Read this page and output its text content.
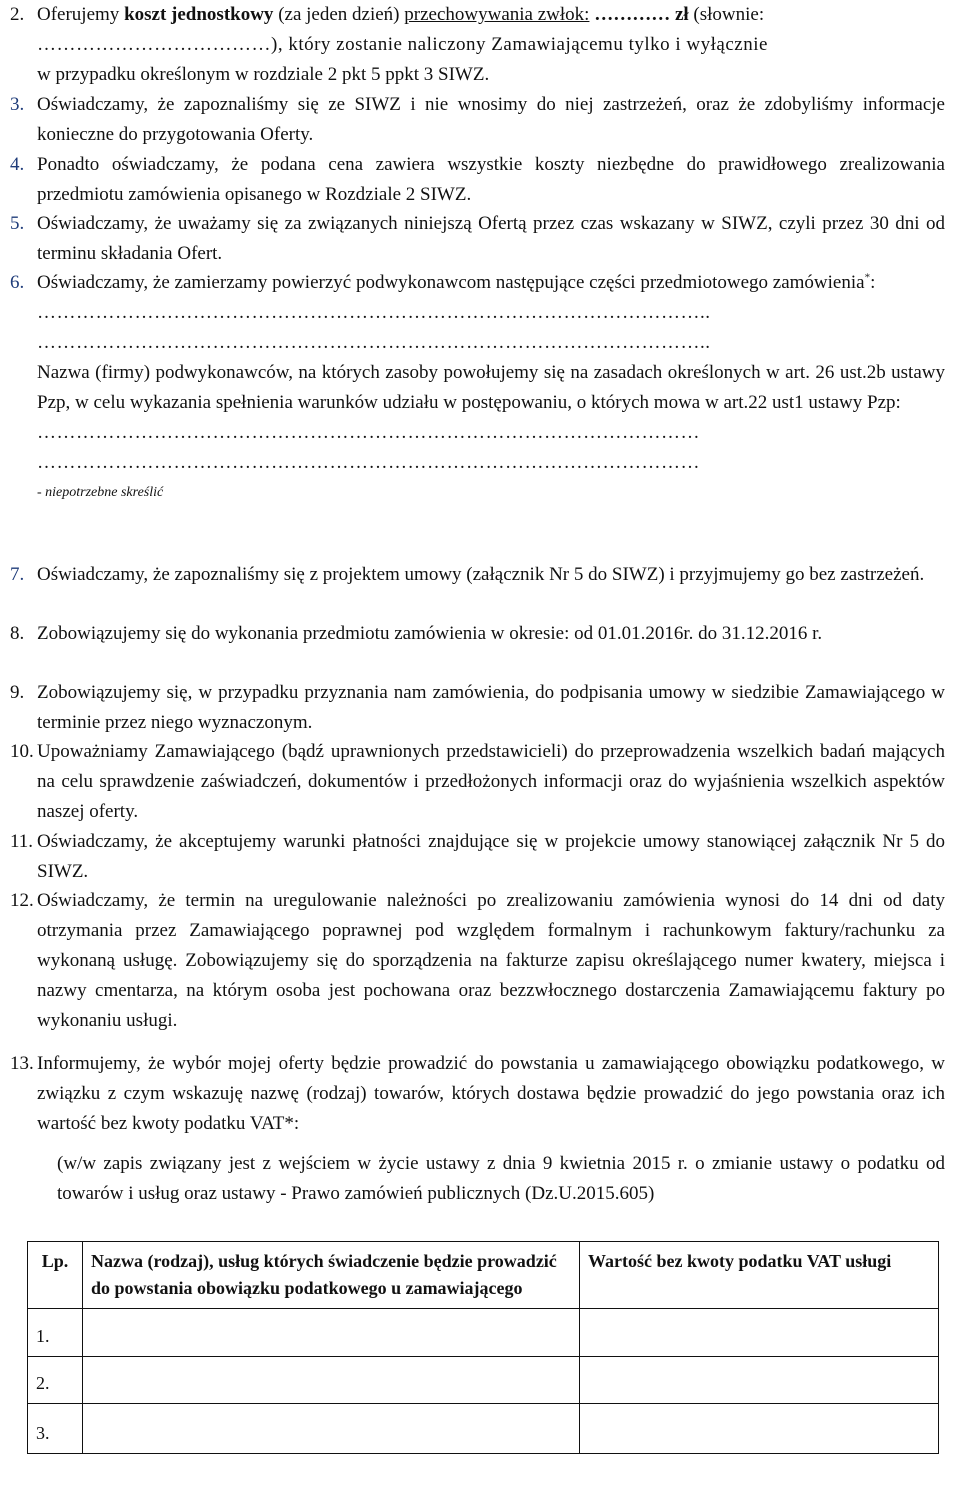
2. Oferujemy koszt jednostkowy (za jeden dzień) przechowywania zwłok: ………… zł (słownie:
………………………………), który zostanie naliczony Zamawiającemu tylko i wyłącznie
w przypadku określonym w rozdziale 2 pkt 5 ppkt 3 SIWZ.
3. Oświadczamy, że zapoznaliśmy się ze SIWZ i nie wnosimy do niej zastrzeżeń, oraz że zdobyliśmy informacje konieczne do przygotowania Oferty.
4. Ponadto oświadczamy, że podana cena zawiera wszystkie koszty niezbędne do prawidłowego zrealizowania przedmiotu zamówienia opisanego w Rozdziale 2 SIWZ.
5. Oświadczamy, że uważamy się za związanych niniejszą Ofertą przez czas wskazany w SIWZ, czyli przez 30 dni od terminu składania Ofert.
6. Oświadczamy, że zamierzamy powierzyć podwykonawcom następujące części przedmiotowego zamówienia*:

…………………………………………………………………………………………..
…………………………………………………………………………………………..
Nazwa (firmy) podwykonawców, na których zasoby powołujemy się na zasadach określonych w art. 26 ust.2b ustawy Pzp, w celu wykazania spełnienia warunków udziału w postępowaniu, o których mowa w art.22 ust1 ustawy Pzp:
…………………………………………………………………………………………
…………………………………………………………………………………………
- niepotrzebne skreślić
7. Oświadczamy, że zapoznaliśmy się z projektem umowy (załącznik Nr 5 do SIWZ) i przyjmujemy go bez zastrzeżeń.
8. Zobowiązujemy się do wykonania przedmiotu zamówienia w okresie: od 01.01.2016r. do 31.12.2016 r.
9. Zobowiązujemy się, w przypadku przyznania nam zamówienia, do podpisania umowy w siedzibie Zamawiającego w terminie przez niego wyznaczonym.
10. Upoważniamy Zamawiającego (bądź uprawnionych przedstawicieli) do przeprowadzenia wszelkich badań mających na celu sprawdzenie zaświadczeń, dokumentów i przedłożonych informacji oraz do wyjaśnienia wszelkich aspektów naszej oferty.
11. Oświadczamy, że akceptujemy warunki płatności znajdujące się w projekcie umowy stanowiącej załącznik Nr 5 do SIWZ.
12. Oświadczamy, że termin na uregulowanie należności po zrealizowaniu zamówienia wynosi do 14 dni od daty otrzymania przez Zamawiającego poprawnej pod względem formalnym i rachunkowym faktury/rachunku za wykonaną usługę. Zobowiązujemy się do sporządzenia na fakturze zapisu określającego numer kwatery, miejsca i nazwy cmentarza, na którym osoba jest pochowana oraz bezzwłocznego dostarczenia Zamawiającemu faktury po wykonaniu usługi.
13. Informujemy, że wybór mojej oferty będzie prowadzić do powstania u zamawiającego obowiązku podatkowego, w związku z czym wskazuję nazwę (rodzaj) towarów, których dostawa będzie prowadzić do jego powstania oraz ich wartość bez kwoty podatku VAT*:
(w/w zapis związany jest z wejściem w życie ustawy z dnia 9 kwietnia 2015 r. o zmianie ustawy o podatku od towarów i usług oraz ustawy - Prawo zamówień publicznych (Dz.U.2015.605)
Lp.	Nazwa (rodzaj), usług których świadczenie będzie prowadzić do powstania obowiązku podatkowego u zamawiającego	Wartość bez kwoty podatku VAT usługi
1.		
2.		
3.		
